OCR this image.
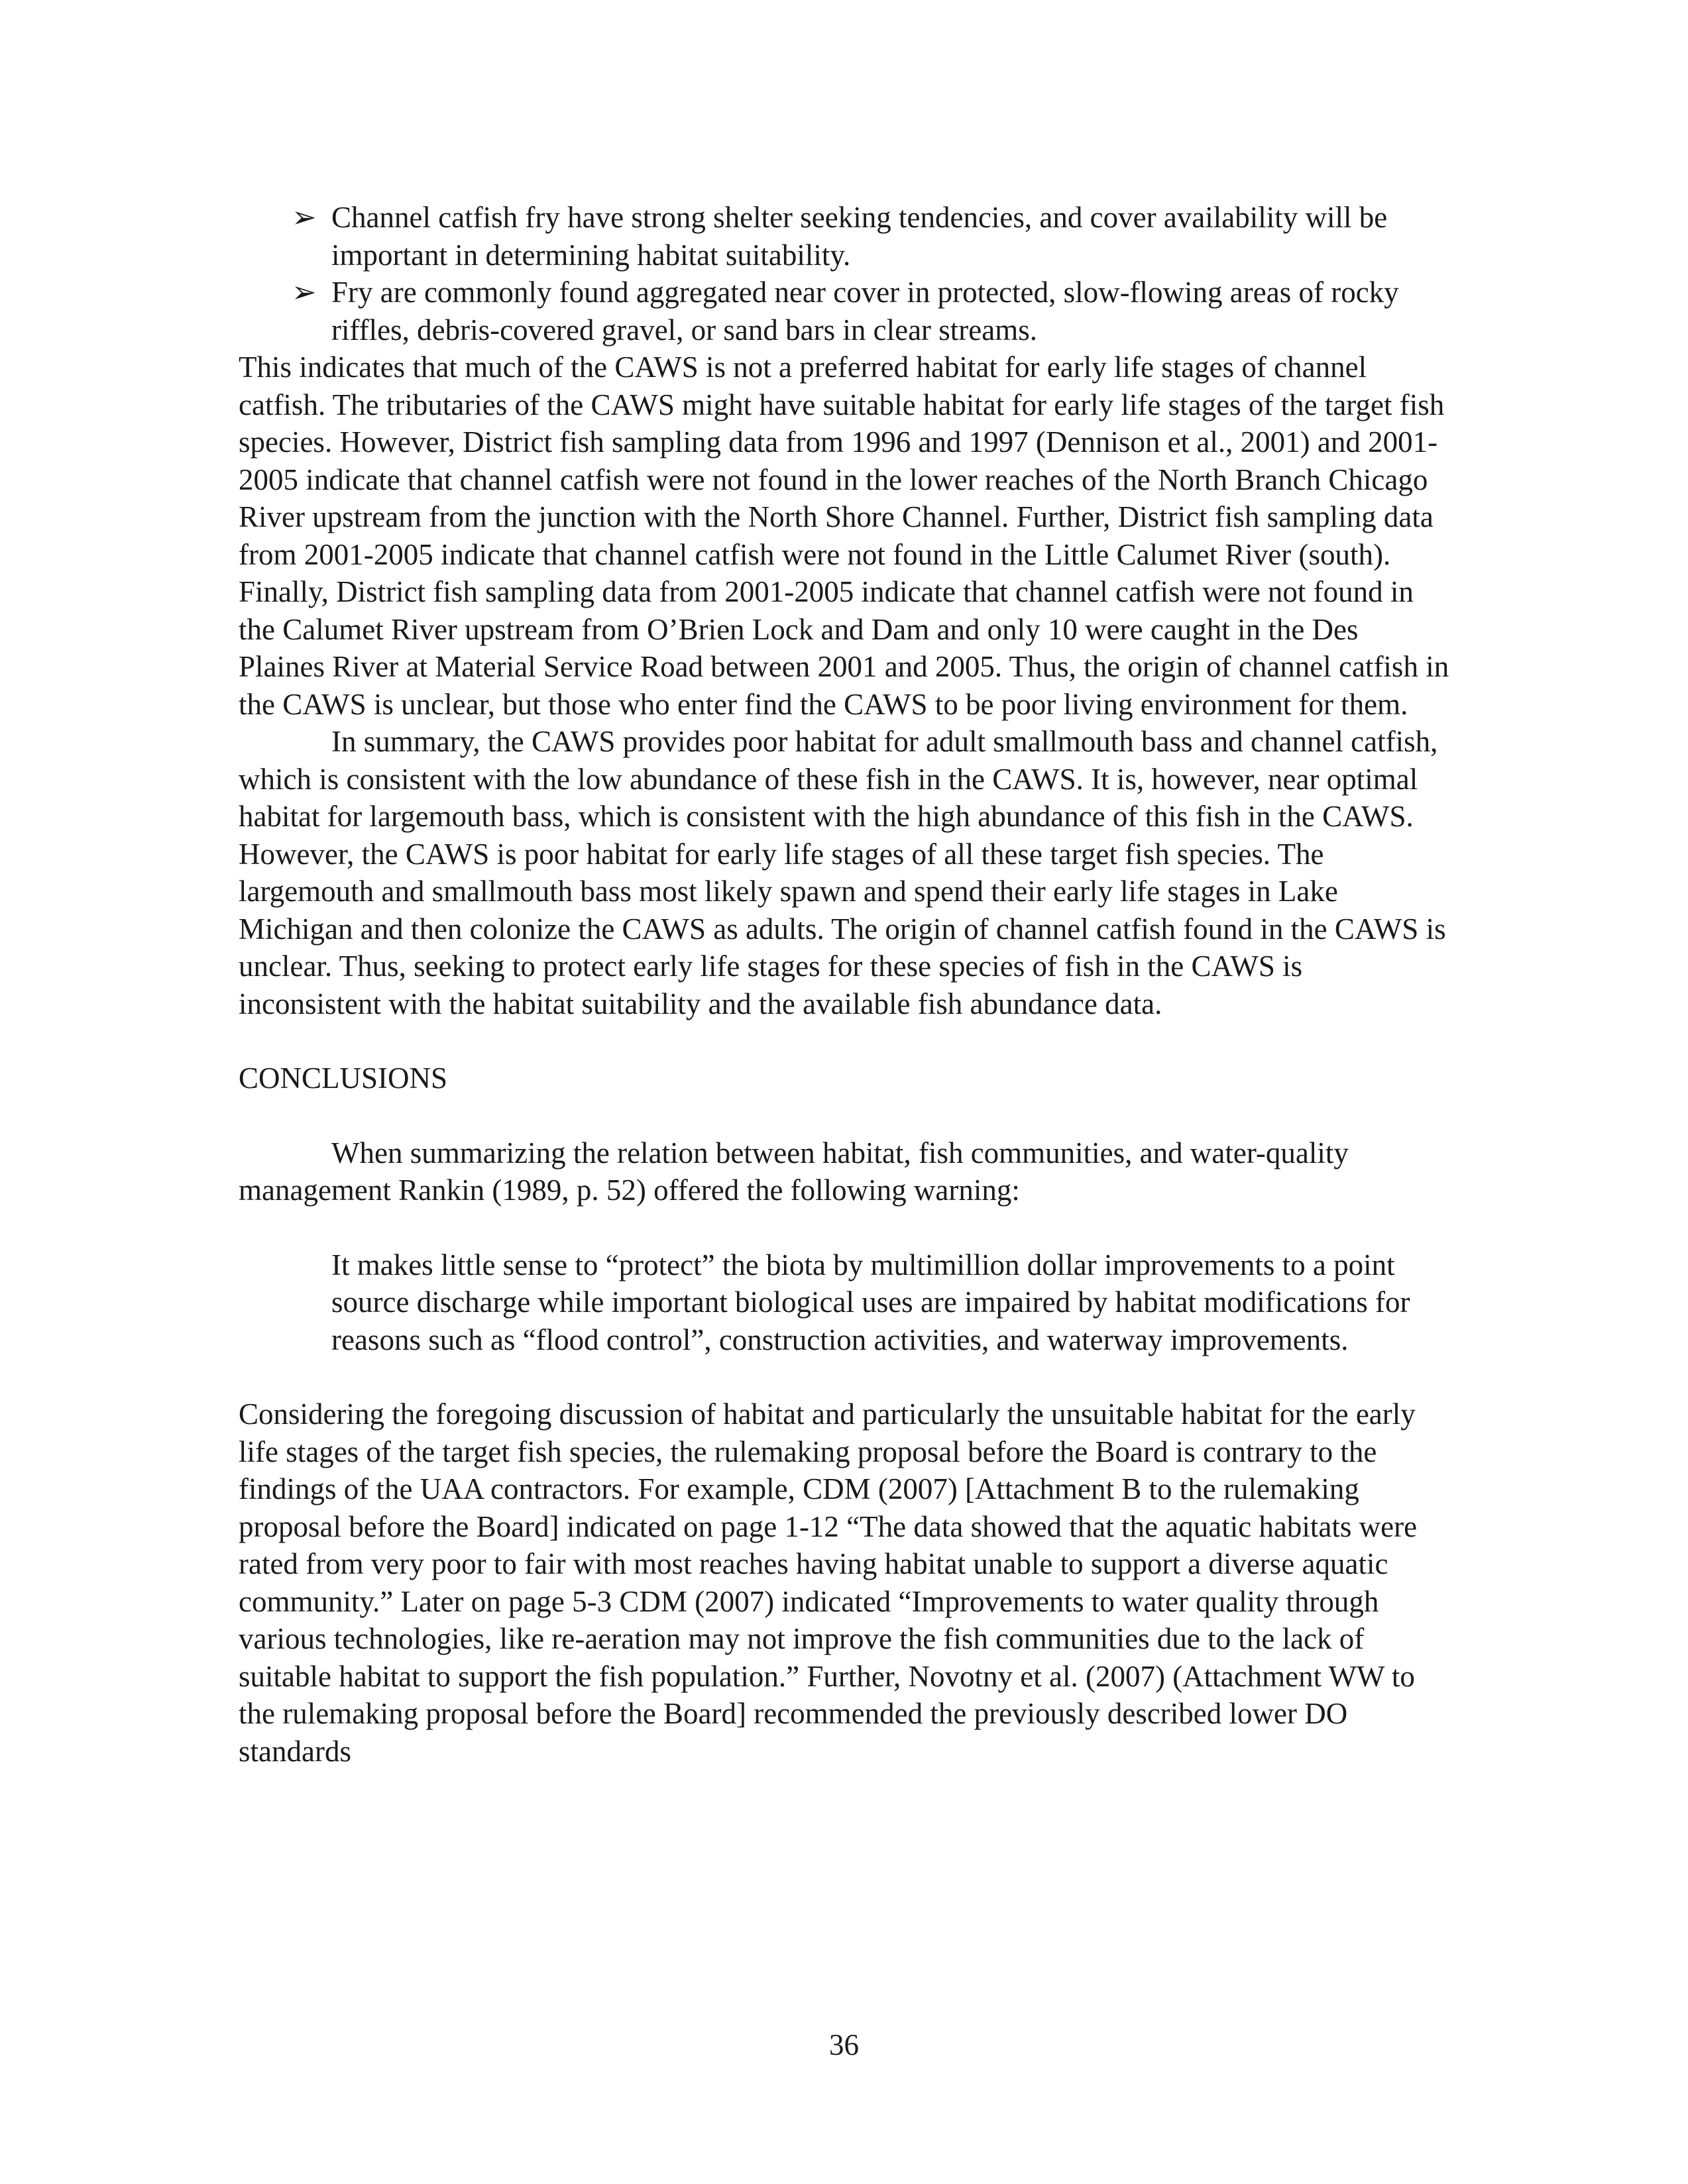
➢ Channel catfish fry have strong shelter seeking tendencies, and cover availability will be important in determining habitat suitability.
➢ Fry are commonly found aggregated near cover in protected, slow-flowing areas of rocky riffles, debris-covered gravel, or sand bars in clear streams.

This indicates that much of the CAWS is not a preferred habitat for early life stages of channel catfish. The tributaries of the CAWS might have suitable habitat for early life stages of the target fish species. However, District fish sampling data from 1996 and 1997 (Dennison et al., 2001) and 2001-2005 indicate that channel catfish were not found in the lower reaches of the North Branch Chicago River upstream from the junction with the North Shore Channel. Further, District fish sampling data from 2001-2005 indicate that channel catfish were not found in the Little Calumet River (south). Finally, District fish sampling data from 2001-2005 indicate that channel catfish were not found in the Calumet River upstream from O’Brien Lock and Dam and only 10 were caught in the Des Plaines River at Material Service Road between 2001 and 2005. Thus, the origin of channel catfish in the CAWS is unclear, but those who enter find the CAWS to be poor living environment for them.

In summary, the CAWS provides poor habitat for adult smallmouth bass and channel catfish, which is consistent with the low abundance of these fish in the CAWS. It is, however, near optimal habitat for largemouth bass, which is consistent with the high abundance of this fish in the CAWS. However, the CAWS is poor habitat for early life stages of all these target fish species. The largemouth and smallmouth bass most likely spawn and spend their early life stages in Lake Michigan and then colonize the CAWS as adults. The origin of channel catfish found in the CAWS is unclear. Thus, seeking to protect early life stages for these species of fish in the CAWS is inconsistent with the habitat suitability and the available fish abundance data.

CONCLUSIONS

When summarizing the relation between habitat, fish communities, and water-quality management Rankin (1989, p. 52) offered the following warning:

It makes little sense to “protect” the biota by multimillion dollar improvements to a point source discharge while important biological uses are impaired by habitat modifications for reasons such as “flood control”, construction activities, and waterway improvements.

Considering the foregoing discussion of habitat and particularly the unsuitable habitat for the early life stages of the target fish species, the rulemaking proposal before the Board is contrary to the findings of the UAA contractors. For example, CDM (2007) [Attachment B to the rulemaking proposal before the Board] indicated on page 1-12 “The data showed that the aquatic habitats were rated from very poor to fair with most reaches having habitat unable to support a diverse aquatic community.” Later on page 5-3 CDM (2007) indicated “Improvements to water quality through various technologies, like re-aeration may not improve the fish communities due to the lack of suitable habitat to support the fish population.” Further, Novotny et al. (2007) (Attachment WW to the rulemaking proposal before the Board] recommended the previously described lower DO standards

36
